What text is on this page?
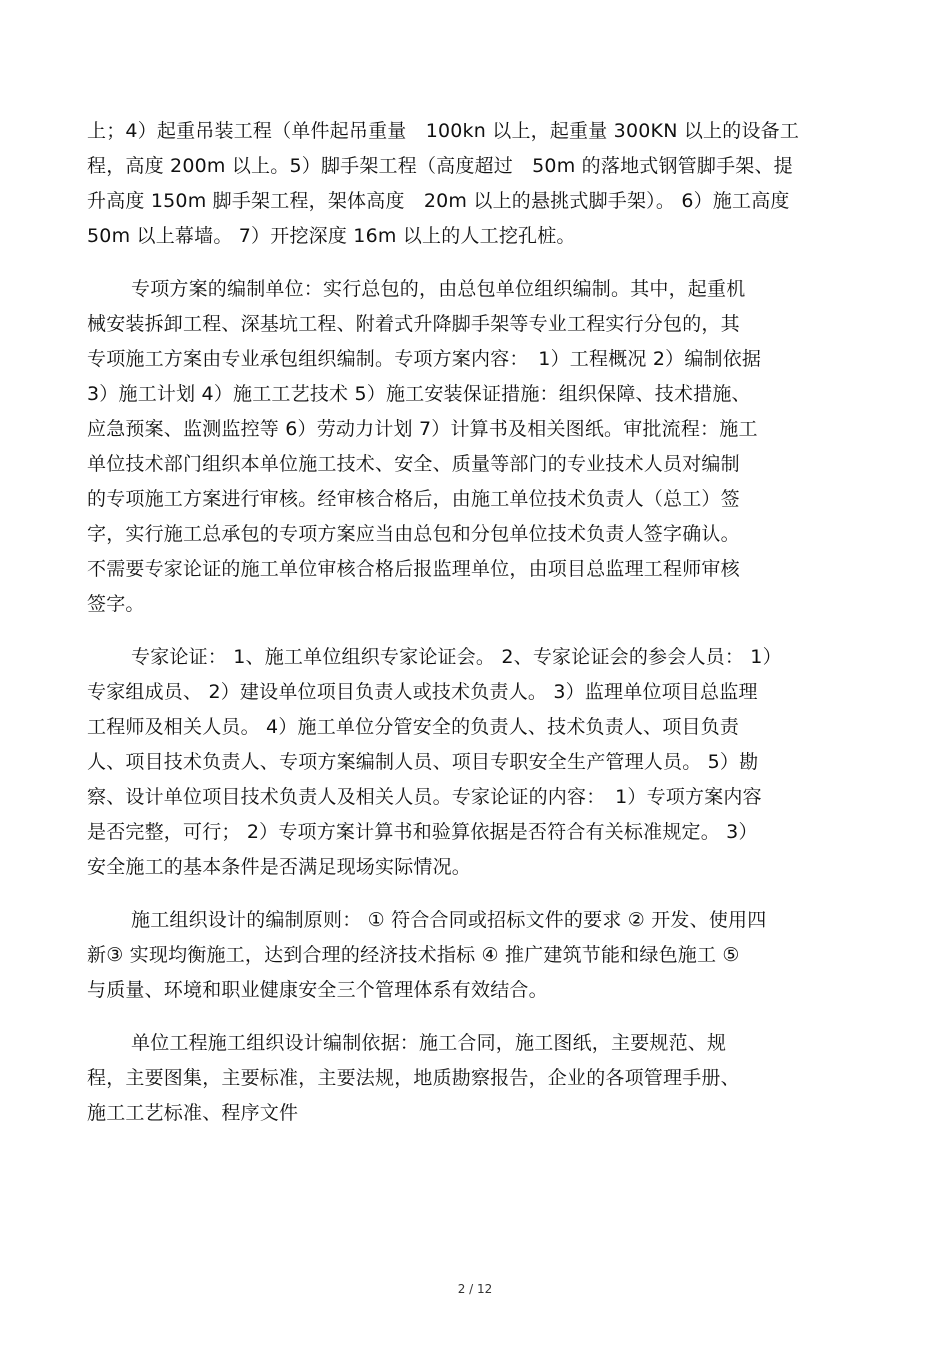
上；4）起重吊装工程（单件起吊重量　100kn 以上，起重量 300KN 以上的设备工
程，高度 200m 以上。5）脚手架工程（高度超过　50m 的落地式钢管脚手架、提
升高度 150m 脚手架工程，架体高度　20m 以上的悬挑式脚手架）。 6）施工高度
50m 以上幕墙。 7）开挖深度 16m 以上的人工挖孔桩。
专项方案的编制单位：实行总包的，由总包单位组织编制。其中，起重机
械安装拆卸工程、深基坑工程、附着式升降脚手架等专业工程实行分包的，其
专项施工方案由专业承包组织编制。专项方案内容：　1）工程概况 2）编制依据
3）施工计划 4）施工工艺技术 5）施工安装保证措施：组织保障、技术措施、
应急预案、监测监控等 6）劳动力计划 7）计算书及相关图纸。审批流程：施工
单位技术部门组织本单位施工技术、安全、质量等部门的专业技术人员对编制
的专项施工方案进行审核。经审核合格后，由施工单位技术负责人（总工）签
字，实行施工总承包的专项方案应当由总包和分包单位技术负责人签字确认。
不需要专家论证的施工单位审核合格后报监理单位，由项目总监理工程师审核
签字。
专家论证： 1、施工单位组织专家论证会。 2、专家论证会的参会人员： 1）
专家组成员、 2）建设单位项目负责人或技术负责人。 3）监理单位项目总监理
工程师及相关人员。 4）施工单位分管安全的负责人、技术负责人、项目负责
人、项目技术负责人、专项方案编制人员、项目专职安全生产管理人员。 5）勘
察、设计单位项目技术负责人及相关人员。专家论证的内容：　1）专项方案内容
是否完整，可行； 2）专项方案计算书和验算依据是否符合有关标准规定。 3）
安全施工的基本条件是否满足现场实际情况。
施工组织设计的编制原则： ① 符合合同或招标文件的要求 ② 开发、使用四
新③ 实现均衡施工，达到合理的经济技术指标 ④ 推广建筑节能和绿色施工 ⑤
与质量、环境和职业健康安全三个管理体系有效结合。
单位工程施工组织设计编制依据：施工合同，施工图纸，主要规范、规
程，主要图集，主要标准，主要法规，地质勘察报告，企业的各项管理手册、
施工工艺标准、程序文件
2 / 12
